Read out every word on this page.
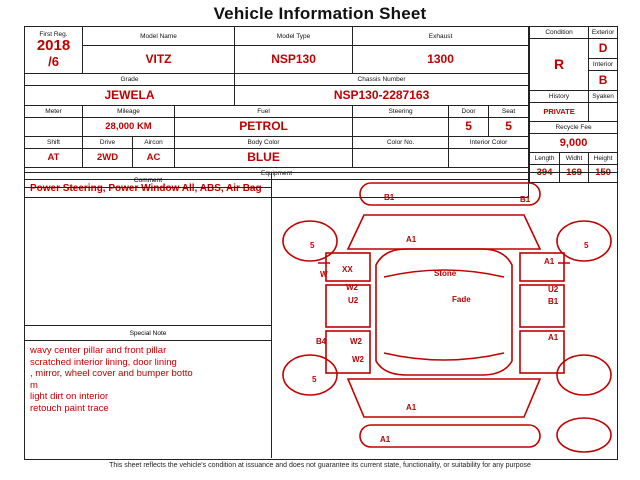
Vehicle Information Sheet
First Reg.
2018
/6	Model Name			Model Type	Exhaust		
	VITZ			NSP130	1300		
Grade				Chassis Number			
JEWELA				NSP130-2287163			
Meter	Mileage		Fuel		Steering	Door	Seat
	28,000 KM		PETROL			5	5
Shift	Drive	Aircon	Body Color		Color No.	Interior Color	
AT	2WD	AC	BLUE				
Equipment							
Power Steering, Power Window All, ABS, Air Bag							
Condition		Exterior
R		D
		Interior
		B
History		Syaken
PRIVATE		
Recycle Fee		
9,000		
Length	Widht	Height
394	169	150
Comment
Special Note
wavy center pillar and front pillar
scratched interior lining, door lining
, mirror, wheel cover and bumper botto
m
light dirt on interior
retouch paint trace
B1	B1
5
A1
5
XX
W
A1
Stone
W2
U2
U2
B1
Fade
B4	W2	A1
W2
5
A1
A1
This sheet reflects the vehicle's condition at issuance and does not guarantee its current state, functionality, or suitability for any purpose
